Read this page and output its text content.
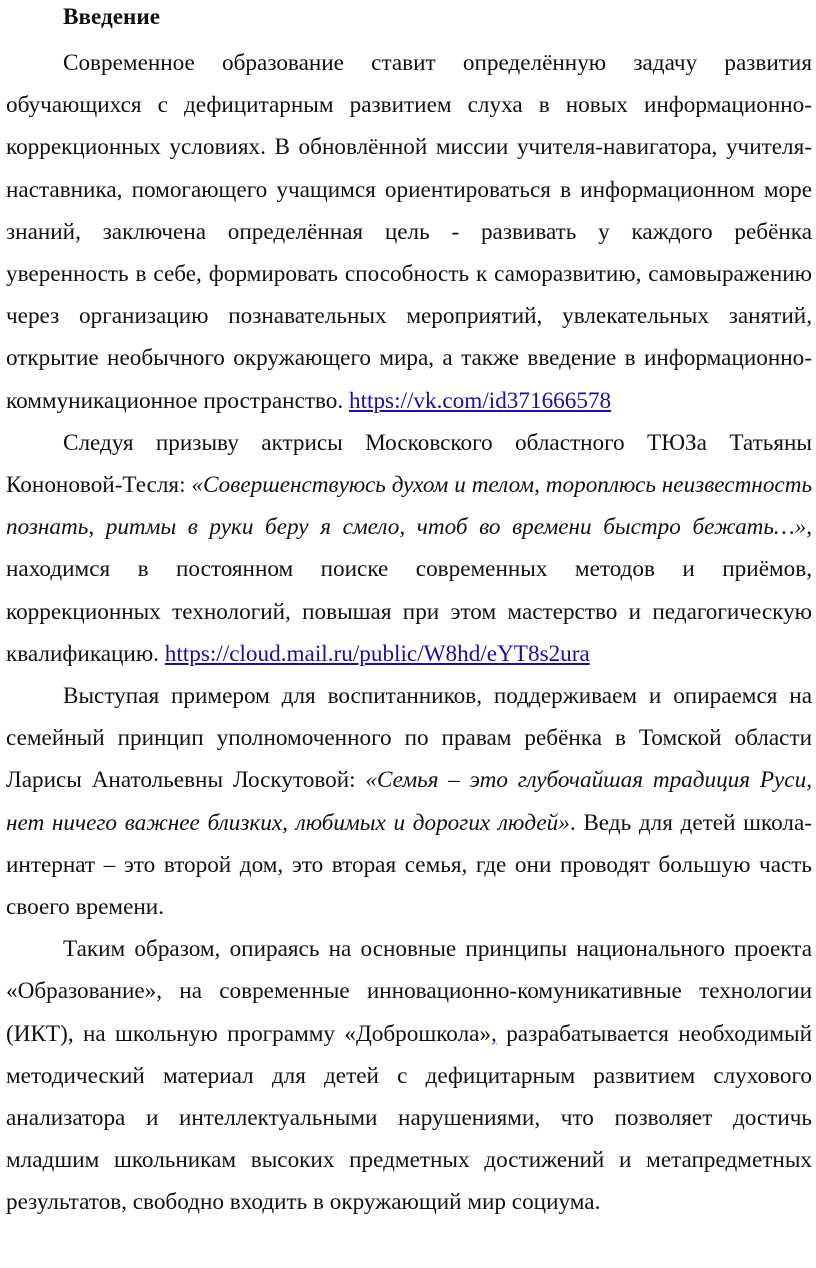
Введение

Современное образование ставит определённую задачу развития обучающихся с дефицитарным развитием слуха в новых информационно-коррекционных условиях. В обновлённой миссии учителя-навигатора, учителя-наставника, помогающего учащимся ориентироваться в информационном море знаний, заключена определённая цель - развивать у каждого ребёнка уверенность в себе, формировать способность к саморазвитию, самовыражению через организацию познавательных мероприятий, увлекательных занятий, открытие необычного окружающего мира, а также введение в информационно-коммуникационное пространство. https://vk.com/id371666578

Следуя призыву актрисы Московского областного ТЮЗа Татьяны Кононовой-Тесля: «Совершенствуюсь духом и телом, тороплюсь неизвестность познать, ритмы в руки беру я смело, чтоб во времени быстро бежать…», находимся в постоянном поиске современных методов и приёмов, коррекционных технологий, повышая при этом мастерство и педагогическую квалификацию. https://cloud.mail.ru/public/W8hd/eYT8s2ura

Выступая примером для воспитанников, поддерживаем и опираемся на семейный принцип уполномоченного по правам ребёнка в Томской области Ларисы Анатольевны Лоскутовой: «Семья – это глубочайшая традиция Руси, нет ничего важнее близких, любимых и дорогих людей». Ведь для детей школа-интернат – это второй дом, это вторая семья, где они проводят большую часть своего времени.

Таким образом, опираясь на основные принципы национального проекта «Образование», на современные инновационно-комуникативные технологии (ИКТ), на школьную программу «Доброшкола», разрабатывается необходимый методический материал для детей с дефицитарным развитием слухового анализатора и интеллектуальными нарушениями, что позволяет достичь младшим школьникам высоких предметных достижений и метапредметных результатов, свободно входить в окружающий мир социума.
